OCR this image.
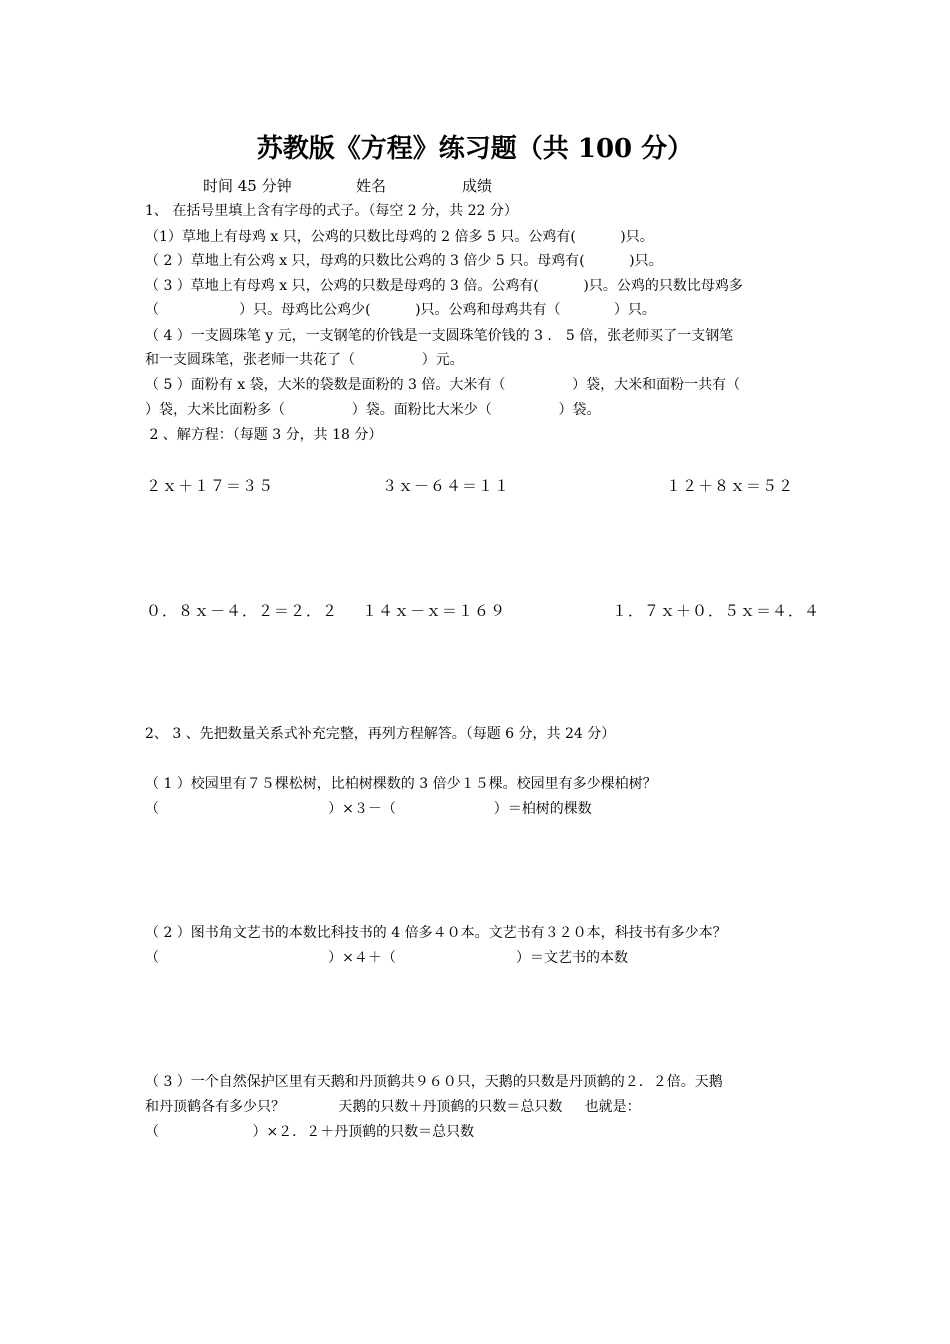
苏教版《方程》练习题（共 100 分）
时间 45 分钟	姓名	成绩
1、 在括号里填上含有字母的式子。（每空 2 分，共 22 分）
（1）草地上有母鸡 x 只，公鸡的只数比母鸡的 2 倍多 5 只。公鸡有(          )只。
（ 2 ）草地上有公鸡 x 只，母鸡的只数比公鸡的 3 倍少 5 只。母鸡有(          )只。
（ 3 ）草地上有母鸡 x 只，公鸡的只数是母鸡的 3 倍。公鸡有(          )只。公鸡的只数比母鸡多
（                  ）只。母鸡比公鸡少(          )只。公鸡和母鸡共有（            ）只。
（ 4 ）一支圆珠笔 y 元，一支钢笔的价钱是一支圆珠笔价钱的 3 ． 5 倍，张老师买了一支钢笔
和一支圆珠笔，张老师一共花了（               ）元。
（ 5 ）面粉有 x 袋，大米的袋数是面粉的 3 倍。大米有（               ）袋，大米和面粉一共有（
）袋，大米比面粉多（               ）袋。面粉比大米少（               ）袋。
2 、解方程：（每题 3 分，共 18 分）
２ｘ＋１７＝３５	３ｘ－６４＝１１	１２＋８ｘ＝５２
０．８ｘ－４．２＝２．２ １４ｘ－ｘ＝１６９	１．７ｘ＋０．５ｘ＝４．４
2、 3 、先把数量关系式补充完整，再列方程解答。（每题 6 分，共 24 分）
（ 1 ）校园里有７５棵松树，比柏树棵数的 3 倍少１５棵。校园里有多少棵柏树？
（                                      ）×３－（                      ）＝柏树的棵数
（ 2 ）图书角文艺书的本数比科技书的 4 倍多４０本。文艺书有３２０本，科技书有多少本？
（                                      ）×４＋（                           ）＝文艺书的本数
（ 3 ）一个自然保护区里有天鹅和丹顶鹤共９６０只，天鹅的只数是丹顶鹤的２．２倍。天鹅
和丹顶鹤各有多少只？            天鹅的只数＋丹顶鹤的只数＝总只数     也就是：
（                     ）×２．２＋丹顶鹤的只数＝总只数
